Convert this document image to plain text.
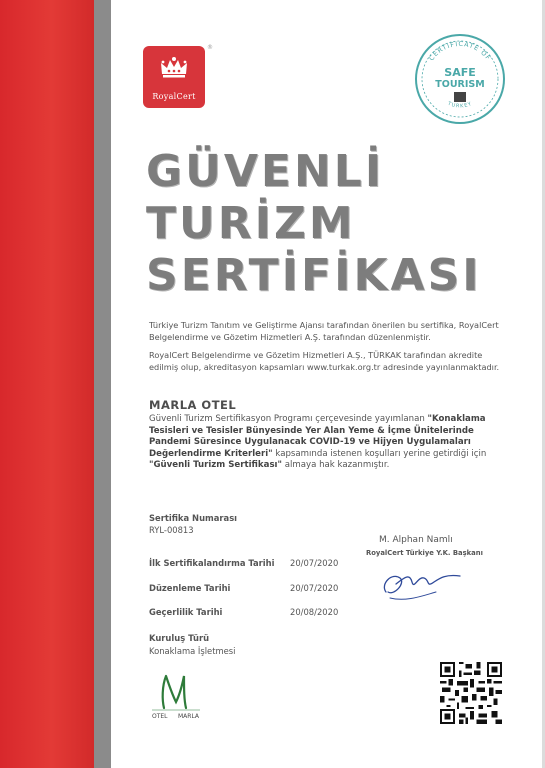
RoyalCert
®
CERTIFICATE OF
SAFE
TOURISM
TURKEY
GÜVENLİ
TURİZM
SERTİFİKASI
Türkiye Turizm Tanıtım ve Geliştirme Ajansı tarafından önerilen bu sertifika, RoyalCert Belgelendirme ve Gözetim Hizmetleri A.Ş. tarafından düzenlenmiştir.
RoyalCert Belgelendirme ve Gözetim Hizmetleri A.Ş., TÜRKAK tarafından akredite edilmiş olup, akreditasyon kapsamları www.turkak.org.tr adresinde yayınlanmaktadır.
MARLA OTEL
Güvenli Turizm Sertifikasyon Programı çerçevesinde yayımlanan "Konaklama Tesisleri ve Tesisler Bünyesinde Yer Alan Yeme & İçme Ünitelerinde Pandemi Süresince Uygulanacak COVID-19 ve Hijyen Uygulamaları Değerlendirme Kriterleri" kapsamında istenen koşulları yerine getirdiği için
"Güvenli Turizm Sertifikası" almaya hak kazanmıştır.
Sertifika Numarası
RYL-00813
İlk Sertifikalandırma Tarihi 20/07/2020
Düzenleme Tarihi	20/07/2020
Geçerlilik Tarihi	20/08/2020
Kuruluş Türü
Konaklama İşletmesi
M. Alphan Namlı
RoyalCert Türkiye Y.K. Başkanı
OTEL MARLA
